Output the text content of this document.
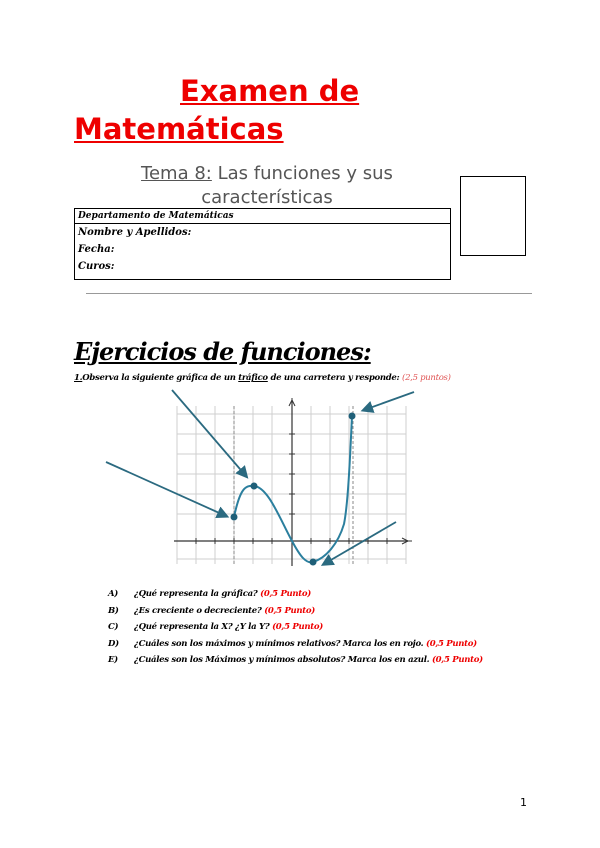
Examen de
Matemáticas
Tema 8: Las funciones y sus características
Departamento de Matemáticas
Nombre y Apellidos:
Fecha:
Curos:
Ejercicios de funciones:
1.Observa la siguiente gráfica de un tráfico de una carretera y responde: (2,5 puntos)
A) ¿Qué representa la gráfica? (0,5 Punto)
B) ¿Es creciente o decreciente? (0,5 Punto)
C) ¿Qué representa la X? ¿Y la Y? (0,5 Punto)
D) ¿Cuáles son los máximos y mínimos relativos? Marca los en rojo. (0,5 Punto)
E) ¿Cuáles son los Máximos y mínimos absolutos? Marca los en azul. (0,5 Punto)
1
